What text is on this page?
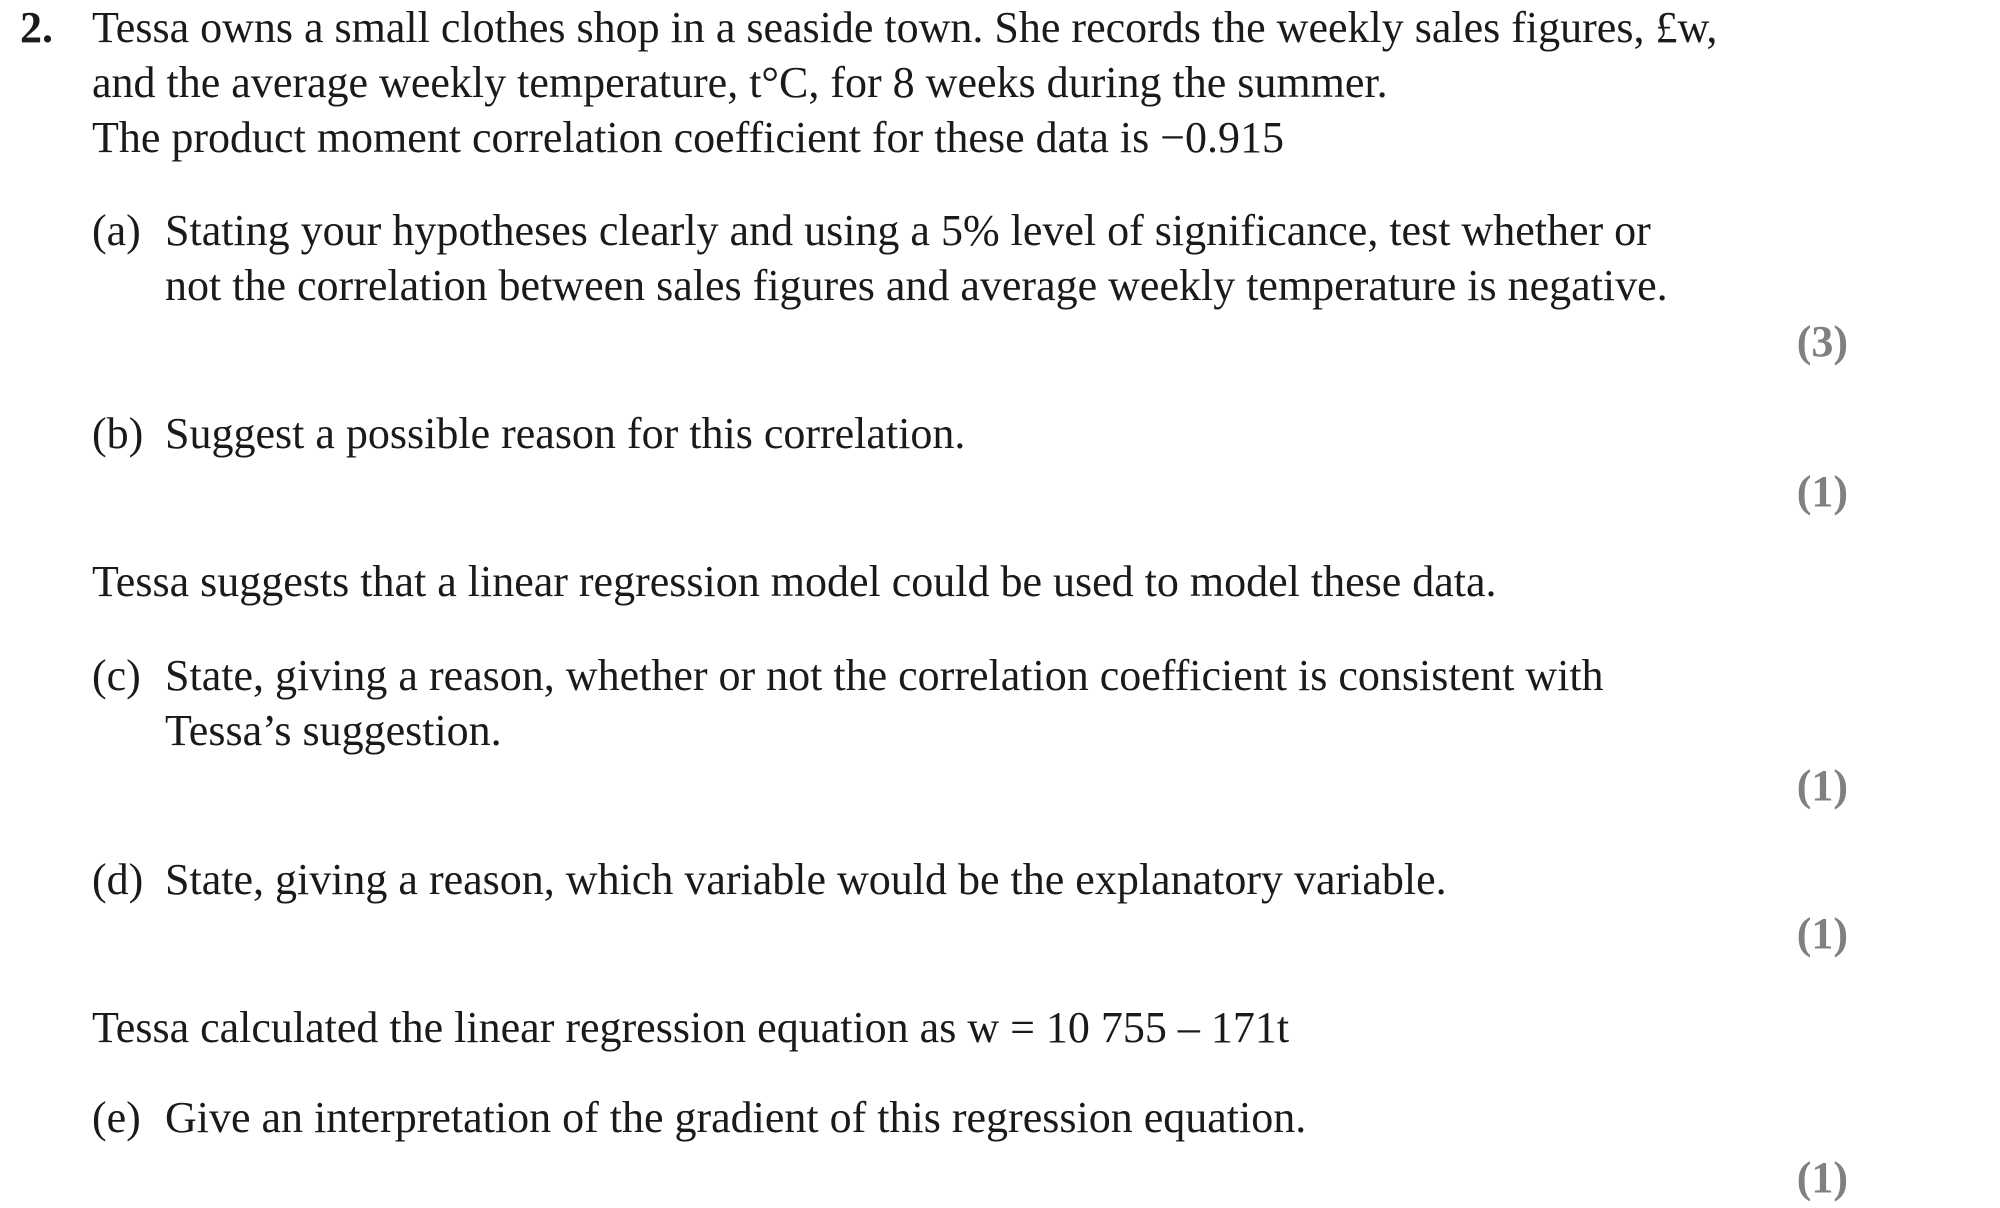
2. Tessa owns a small clothes shop in a seaside town. She records the weekly sales figures, £w,
and the average weekly temperature, t°C, for 8 weeks during the summer.
The product moment correlation coefficient for these data is −0.915
(a) Stating your hypotheses clearly and using a 5% level of significance, test whether or
not the correlation between sales figures and average weekly temperature is negative.
(3)
(b) Suggest a possible reason for this correlation.
(1)
Tessa suggests that a linear regression model could be used to model these data.
(c) State, giving a reason, whether or not the correlation coefficient is consistent with
Tessa’s suggestion.
(1)
(d) State, giving a reason, which variable would be the explanatory variable.
(1)
Tessa calculated the linear regression equation as w = 10 755 – 171t
(e) Give an interpretation of the gradient of this regression equation.
(1)
